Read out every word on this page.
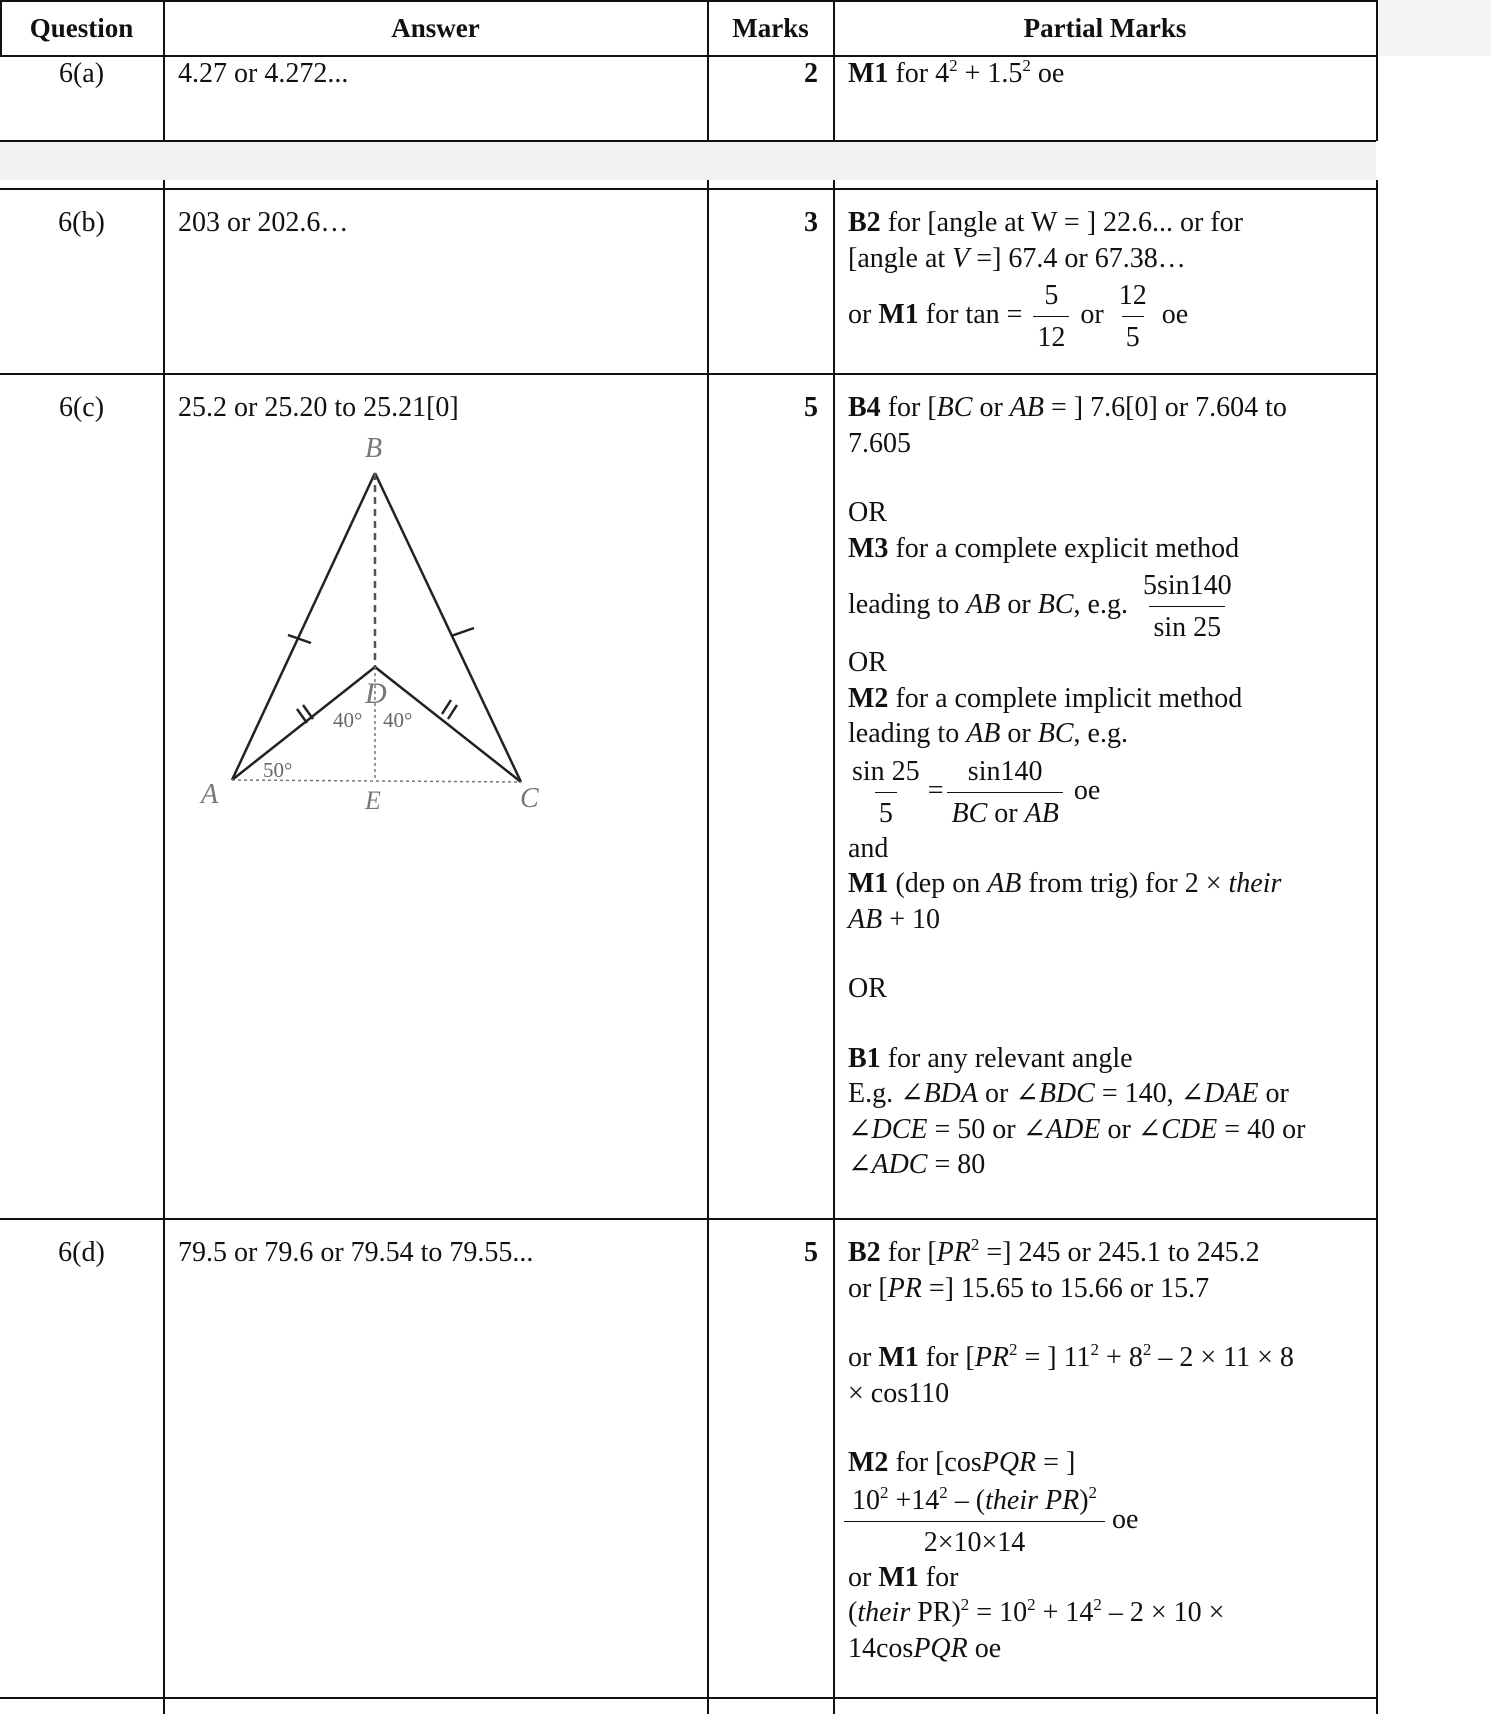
Question	Answer	Marks	Partial Marks
6(a)	4.27 or 4.272...	2 M1 for $4^2 + 1.5^2$ oe
6(b)	203 or 202.6…	3 B2 for [angle at W = ] 22.6... or for
[angle at V =] 67.4 or 67.38…
or M1 for $\tan = \frac{5}{12}$ or $\frac{12}{5}$ oe
6(c)	25.2 or 25.20 to 25.21[0]	5
B
A	C
E
D
40° 40°
50°
B4 for [BC or AB = ] 7.6[0] or 7.604 to
7.605
OR
M3 for a complete explicit method
leading to AB or BC, e.g. $\frac{5\sin 140}{\sin 25}$
OR
M2 for a complete implicit method
leading to AB or BC, e.g.
$\frac{\sin 25}{5} = \frac{\sin 140}{\text{BC or AB}}$ oe
and
M1 (dep on AB from trig) for 2 × their
AB + 10
OR
B1 for any relevant angle
E.g. ∠BDA or ∠BDC = 140, ∠DAE or
∠DCE = 50 or ∠ADE or ∠CDE = 40 or
∠ADC = 80
6(d)	79.5 or 79.6 or 79.54 to 79.55...	5 B2 for [$PR^2$ =] 245 or 245.1 to 245.2
or [PR =] 15.65 to 15.66 or 15.7
or M1 for [$PR^2$ = ] $11^2 + 8^2 - 2 \times 11 \times 8$
× cos110
M2 for [cosPQR = ]
$\frac{10^2 +14^2 - (their PR)^2}{2\times 10\times 14}$ oe
or M1 for
(their $PR)^2 = 10^2 + 14^2 - 2 \times 10$ ×
14cosPQR oe
